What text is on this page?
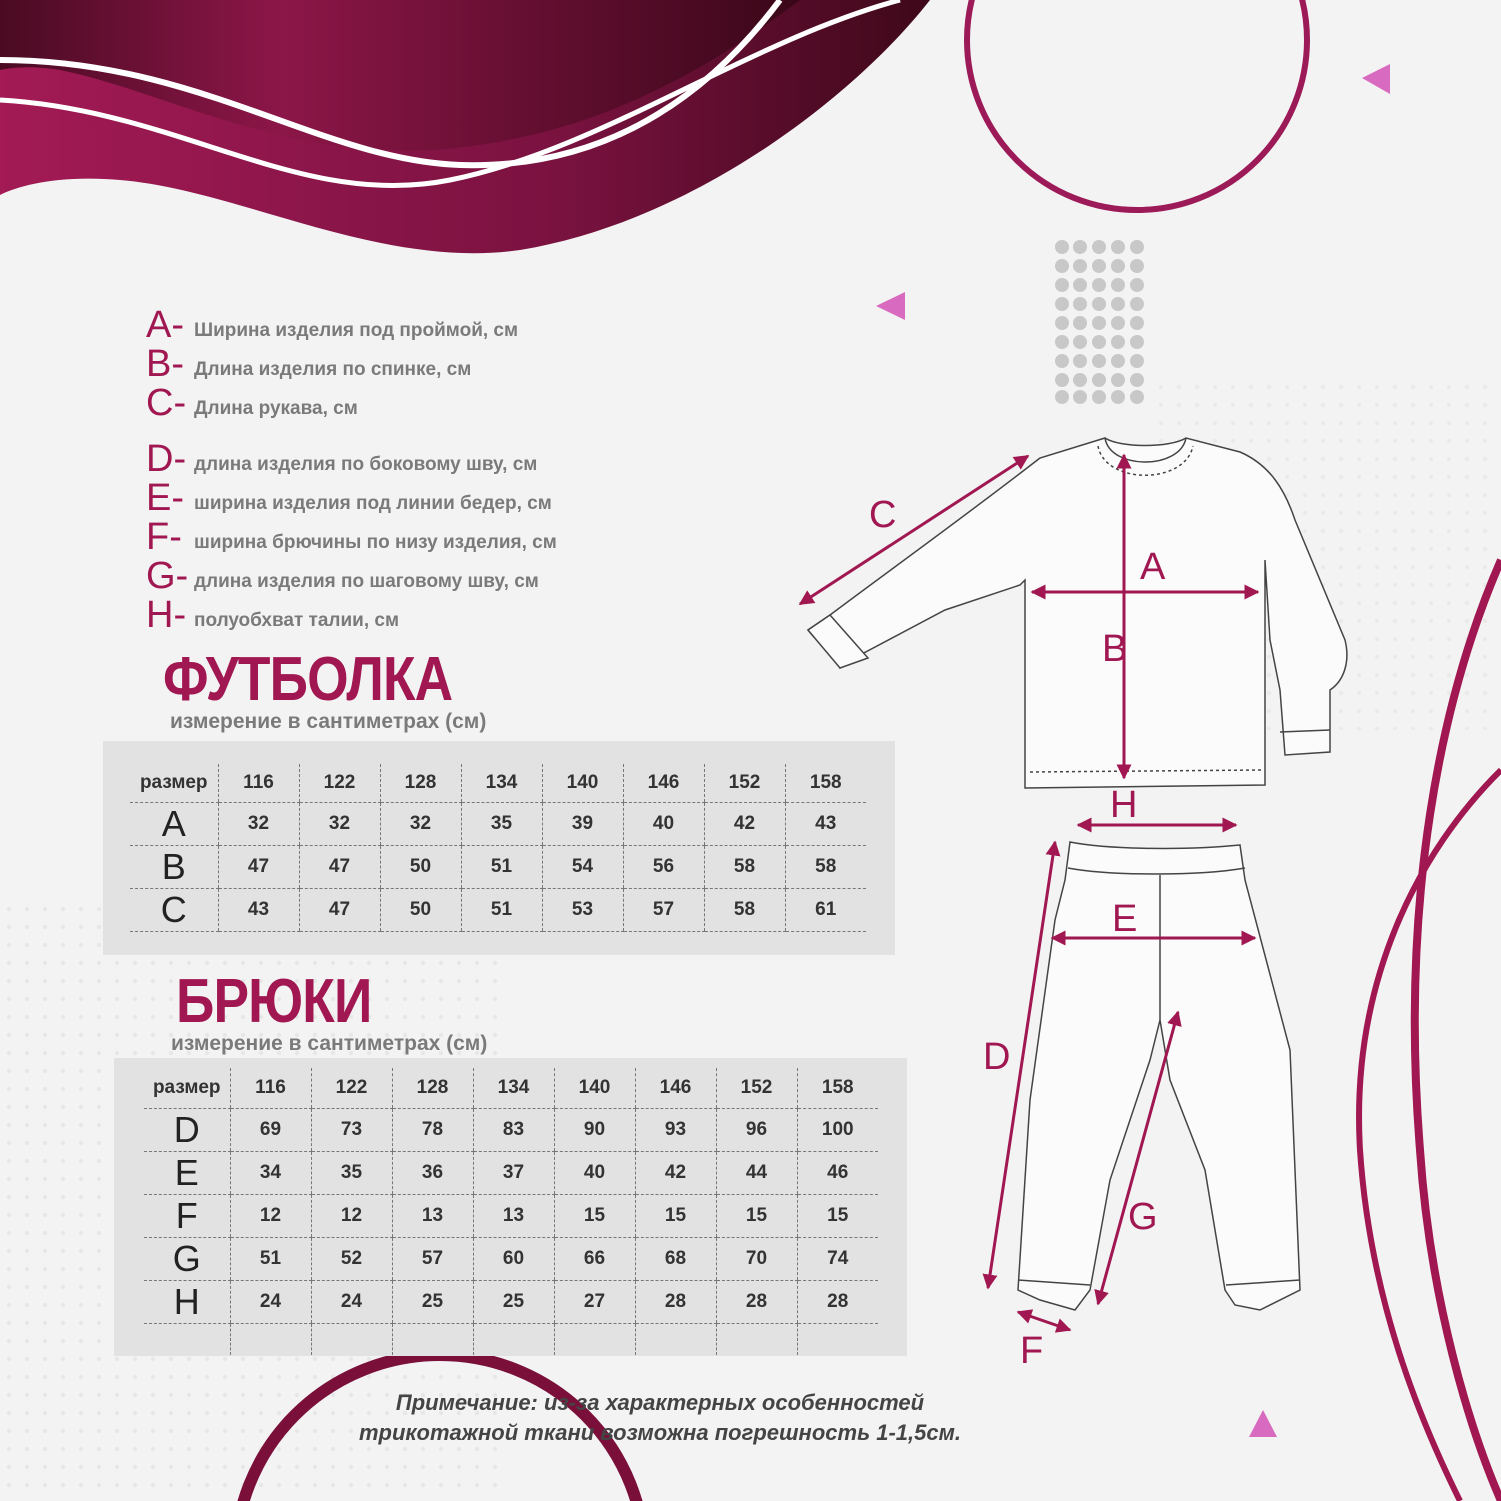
A- Ширина изделия под проймой, см
B- Длина изделия по спинке, см
C- Длина рукава, см
D- длина изделия по боковому шву, см
E- ширина изделия под линии бедер, см
F- ширина брючины по низу изделия, см
G- длина изделия по шаговому шву, см
H- полуобхват талии, см
ФУТБОЛКА
измерение в сантиметрах (см)
размер	116	122	128	134	140	146	152	158
A	32	32	32	35	39	40	42	43
B	47	47	50	51	54	56	58	58
C	43	47	50	51	53	57	58	61
БРЮКИ
измерение в сантиметрах (см)
размер	116	122	128	134	140	146	152	158
D	69	73	78	83	90	93	96	100
E	34	35	36	37	40	42	44	46
F	12	12	13	13	15	15	15	15
G	51	52	57	60	66	68	70	74
H	24	24	25	25	27	28	28	28

A
B
C
H
E
D
G
F
Примечание: из-за характерных особенностей
трикотажной ткани возможна погрешность 1-1,5см.
